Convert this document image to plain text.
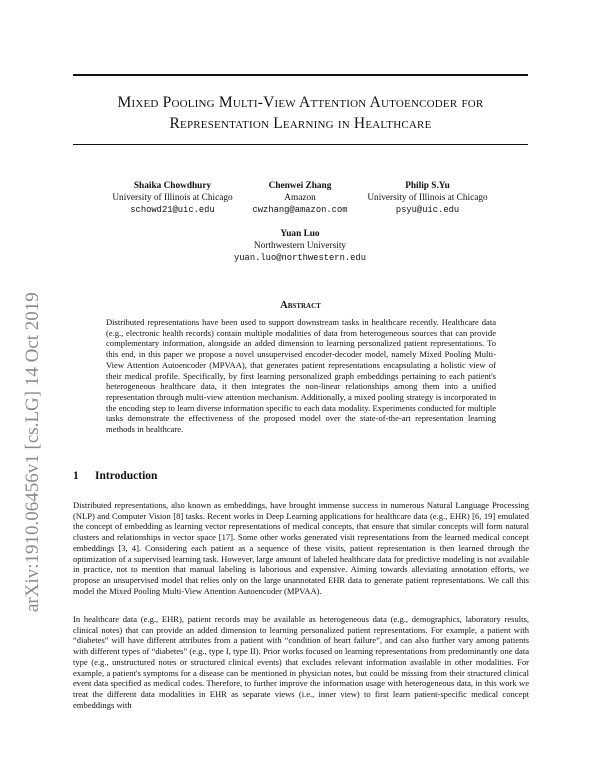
arXiv:1910.06456v1 [cs.LG] 14 Oct 2019
Mixed Pooling Multi-View Attention Autoencoder for
Representation Learning in Healthcare
Shaika Chowdhury
University of Illinois at Chicago
schowd21@uic.edu
Chenwei Zhang
Amazon
cwzhang@amazon.com
Philip S.Yu
University of Illinois at Chicago
psyu@uic.edu
Yuan Luo
Northwestern University
yuan.luo@northwestern.edu
Abstract
Distributed representations have been used to support downstream tasks in healthcare recently. Healthcare data (e.g., electronic health records) contain multiple modalities of data from heterogeneous sources that can provide complementary information, alongside an added dimension to learning personalized patient representations. To this end, in this paper we propose a novel unsupervised encoder-decoder model, namely Mixed Pooling Multi-View Attention Autoencoder (MPVAA), that generates patient representations encapsulating a holistic view of their medical profile. Specifically, by first learning personalized graph embeddings pertaining to each patient's heterogeneous healthcare data, it then integrates the non-linear relationships among them into a unified representation through multi-view attention mechanism. Additionally, a mixed pooling strategy is incorporated in the encoding step to learn diverse information specific to each data modality. Experiments conducted for multiple tasks demonstrate the effectiveness of the proposed model over the state-of-the-art representation learning methods in healthcare.
1 Introduction
Distributed representations, also known as embeddings, have brought immense success in numerous Natural Language Processing (NLP) and Computer Vision [8] tasks. Recent works in Deep Learning applications for healthcare data (e.g., EHR) [6, 19] emulated the concept of embedding as learning vector representations of medical concepts, that ensure that similar concepts will form natural clusters and relationships in vector space [17]. Some other works generated visit representations from the learned medical concept embeddings [3, 4]. Considering each patient as a sequence of these visits, patient representation is then learned through the optimization of a supervised learning task. However, large amount of labeled healthcare data for predictive modeling is not available in practice, not to mention that manual labeling is laborious and expensive. Aiming towards alleviating annotation efforts, we propose an unsupervised model that relies only on the large unannotated EHR data to generate patient representations. We call this model the Mixed Pooling Multi-View Attention Autoencoder (MPVAA).
In healthcare data (e.g., EHR), patient records may be available as heterogeneous data (e.g., demographics, laboratory results, clinical notes) that can provide an added dimension to learning personalized patient representations. For example, a patient with “diabetes” will have different attributes from a patient with “condition of heart failure”, and can also further vary among patients with different types of “diabetes” (e.g., type I, type II). Prior works focused on learning representations from predominantly one data type (e.g., unstructured notes or structured clinical events) that excludes relevant information available in other modalities. For example, a patient's symptoms for a disease can be mentioned in physician notes, but could be missing from their structured clinical event data specified as medical codes. Therefore, to further improve the information usage with heterogeneous data, in this work we treat the different data modalities in EHR as separate views (i.e., inner view) to first learn patient-specific medical concept embeddings with
